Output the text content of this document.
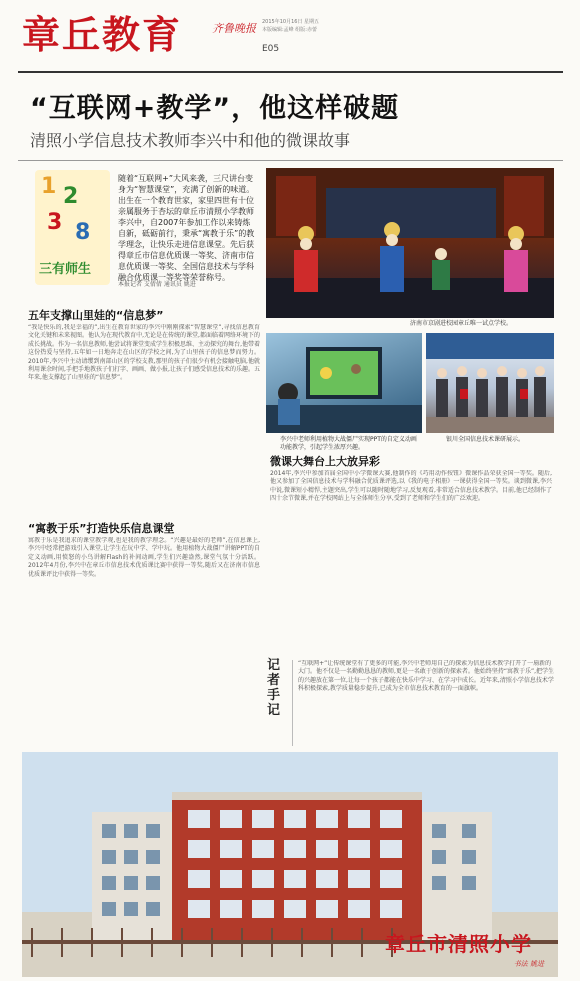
章丘教育	齐鲁晚报 2015年10月16日 星期五
本版编辑:孟峰 组版:赤蕾
E05
“互联网+教学”，他这样破题
清照小学信息技术教师李兴中和他的微课故事
1 2
3 8
三有师生
随着“互联网+”大风来袭，三尺讲台变身为“智慧课堂”，充满了创新的味道。出生在一个教育世家，家里四世有十位亲属服务于杏坛的章丘市清照小学教师李兴中，自2007年参加工作以来铸炼自新，砥砺前行，秉承“寓教于乐”的教学理念，让快乐走进信息课堂。先后获得章丘市信息优质课一等奖、济南市信息优质课一等奖、全国信息技术与学科融合优质课一等奖等荣誉称号。
本报记者 支倩倩 通讯员 姚进
济南市京剧进校园章丘唯一试点学校。
五年支撑山里娃的“信息梦”
“我是快乐的,我是幸福的”,出生在教育世家的李兴中刚刚探索“智慧课堂”,寻找信息教育文化关键和未来视图。他认为在现代教育中,无论是在传统的课堂,都面临着网络环境下的成长挑战。作为一名信息教师,他尝试将课堂变成学生积极思维、主动探究的舞台,他带着这份热爱与坚持,五年如一日地奔走在山区的学校之间,为了山里孩子的信息梦而努力。2010年,李兴中主动请缨到南部山区的学校支教,那里的孩子们很少有机会接触电脑,他就利用课余时间,手把手地教孩子们打字、画画、做小报,让孩子们感受信息技术的乐趣。五年来,他支撑起了山里娃的“信息梦”。
“寓教于乐”打造快乐信息课堂
寓教于乐是我追求的课堂教学观,也是我的教学理念。“兴趣是最好的老师”,在信息课上,李兴中经常把游戏引入课堂,让学生在玩中学、学中玩。他用植物大战僵尸讲解PPT的自定义动画,用愤怒的小鸟讲解Flash的补间动画,学生们兴趣盎然,课堂气氛十分活跃。2012年4月份,李兴中在章丘市信息技术优质课比赛中获得一等奖,随后又在济南市信息优质课评比中获得一等奖。
李兴中老师利用植物大战僵尸实现PPT的自定义动画功能教学，引起学生浓厚兴趣。
银川全国信息技术课研展示。
微课大舞台上大放异彩
2014年,李兴中参加首届全国中小学微课大赛,他制作的《巧用动作按钮》微课作品荣获全国一等奖。随后,他又参加了全国信息技术与学科融合优质课评选,以《我的电子相册》一课获得全国一等奖。谈到微课,李兴中说,微课短小精悍,主题突出,学生可以随时随地学习,反复观看,非常适合信息技术教学。目前,他已经制作了四十余节微课,并在学校网站上与全体师生分享,受到了老师和学生们的广泛欢迎。
记者手记
“互联网+”让传统课堂有了更多的可能,李兴中老师用自己的探索为信息技术教学打开了一扇新的大门。他不仅是一名勤勤恳恳的教师,更是一名敢于创新的探索者。他始终坚持“寓教于乐”,把学生的兴趣放在第一位,让每一个孩子都能在快乐中学习、在学习中成长。近年来,清照小学信息技术学科积极探索,教学质量稳步提升,已成为全市信息技术教育的一面旗帜。
章丘市清照小学
书法 姚进
